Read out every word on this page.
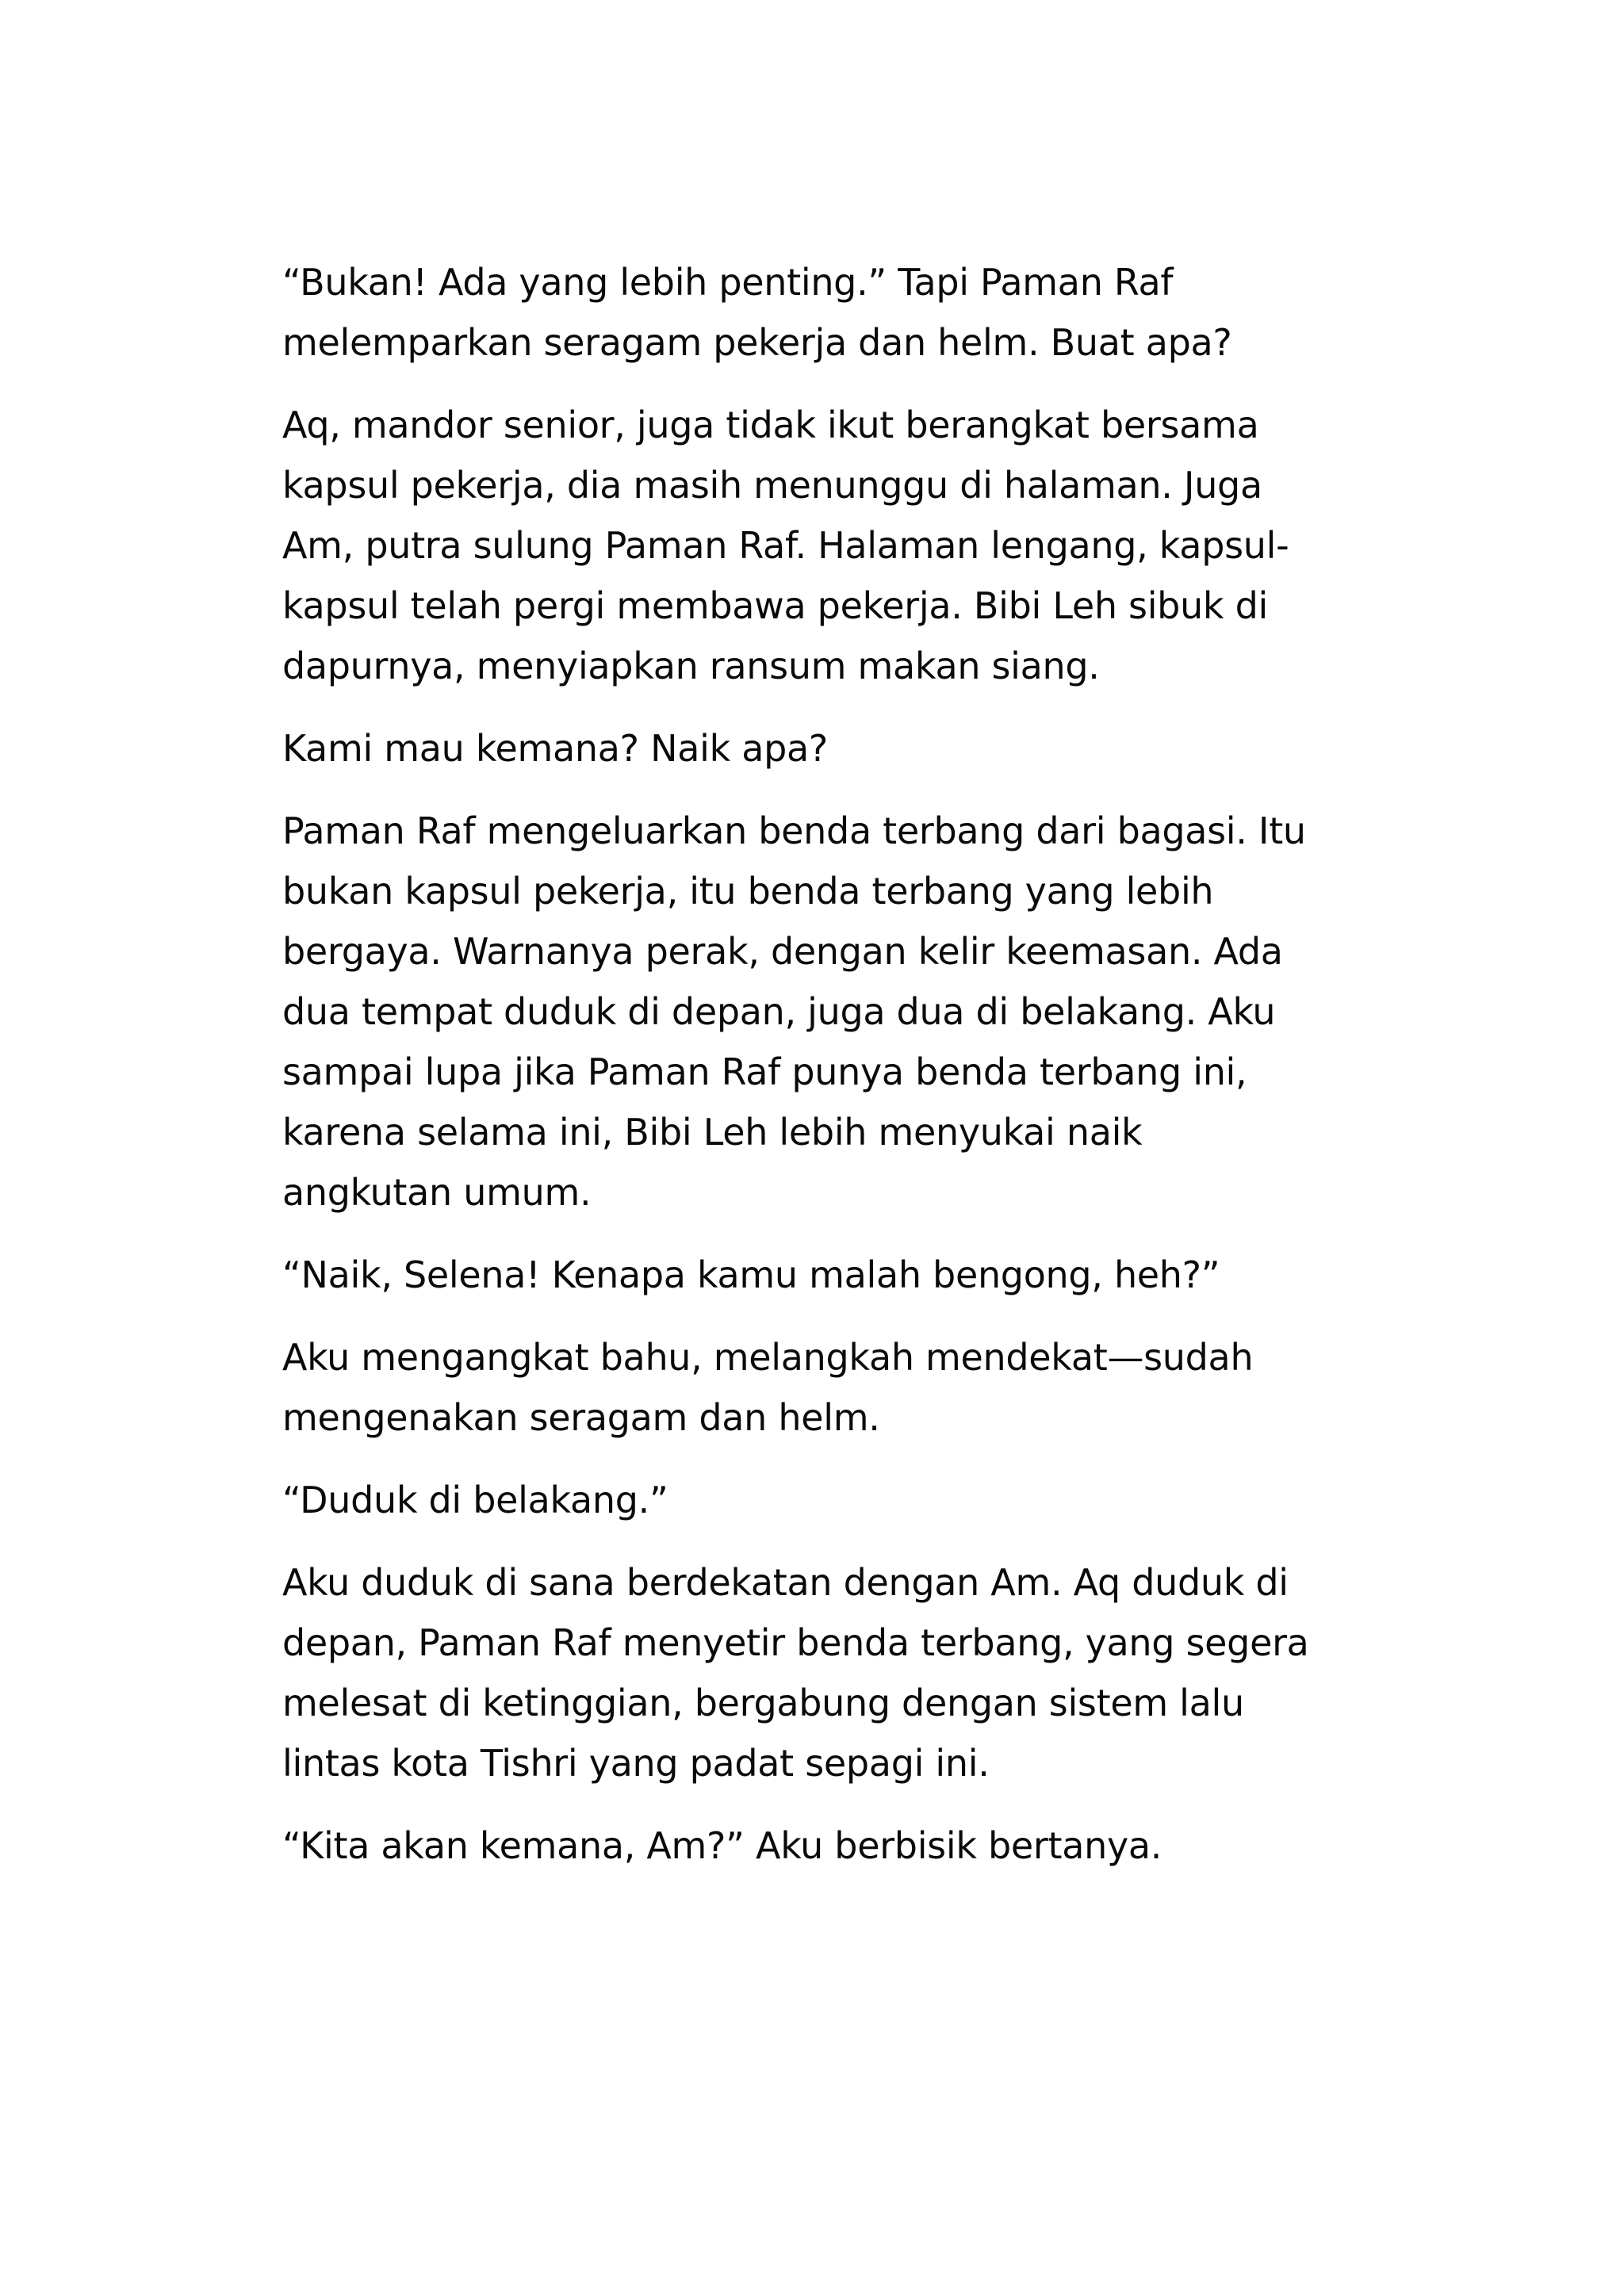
“Bukan! Ada yang lebih penting.” Tapi Paman Raf
melemparkan seragam pekerja dan helm. Buat apa?

Aq, mandor senior, juga tidak ikut berangkat bersama
kapsul pekerja, dia masih menunggu di halaman. Juga
Am, putra sulung Paman Raf. Halaman lengang, kapsul-
kapsul telah pergi membawa pekerja. Bibi Leh sibuk di
dapurnya, menyiapkan ransum makan siang.

Kami mau kemana? Naik apa?

Paman Raf mengeluarkan benda terbang dari bagasi. Itu
bukan kapsul pekerja, itu benda terbang yang lebih
bergaya. Warnanya perak, dengan kelir keemasan. Ada
dua tempat duduk di depan, juga dua di belakang. Aku
sampai lupa jika Paman Raf punya benda terbang ini,
karena selama ini, Bibi Leh lebih menyukai naik
angkutan umum.

“Naik, Selena! Kenapa kamu malah bengong, heh?”

Aku mengangkat bahu, melangkah mendekat—sudah
mengenakan seragam dan helm.

“Duduk di belakang.”

Aku duduk di sana berdekatan dengan Am. Aq duduk di
depan, Paman Raf menyetir benda terbang, yang segera
melesat di ketinggian, bergabung dengan sistem lalu
lintas kota Tishri yang padat sepagi ini.

“Kita akan kemana, Am?” Aku berbisik bertanya.
